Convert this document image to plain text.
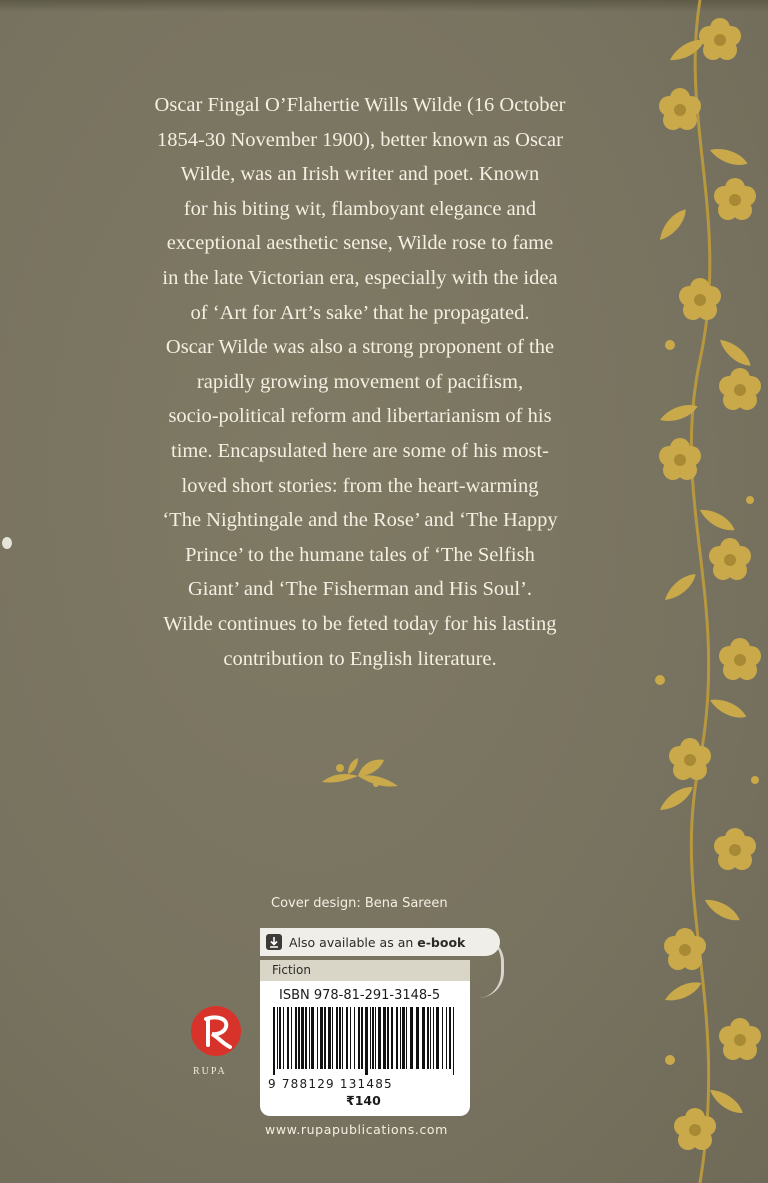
Oscar Fingal O’Flahertie Wills Wilde (16 October
1854-30 November 1900), better known as Oscar
Wilde, was an Irish writer and poet. Known
for his biting wit, flamboyant elegance and
exceptional aesthetic sense, Wilde rose to fame
in the late Victorian era, especially with the idea
of ‘Art for Art’s sake’ that he propagated.
Oscar Wilde was also a strong proponent of the
rapidly growing movement of pacifism,
socio-political reform and libertarianism of his
time. Encapsulated here are some of his most-
loved short stories: from the heart-warming
‘The Nightingale and the Rose’ and ‘The Happy
Prince’ to the humane tales of ‘The Selfish
Giant’ and ‘The Fisherman and His Soul’.
Wilde continues to be feted today for his lasting
contribution to English literature.

Cover design: Bena Sareen
Also available as an e-book
Fiction
ISBN 978-81-291-3148-5
9 788129 131485
₹140
RUPA
www.rupapublications.com
